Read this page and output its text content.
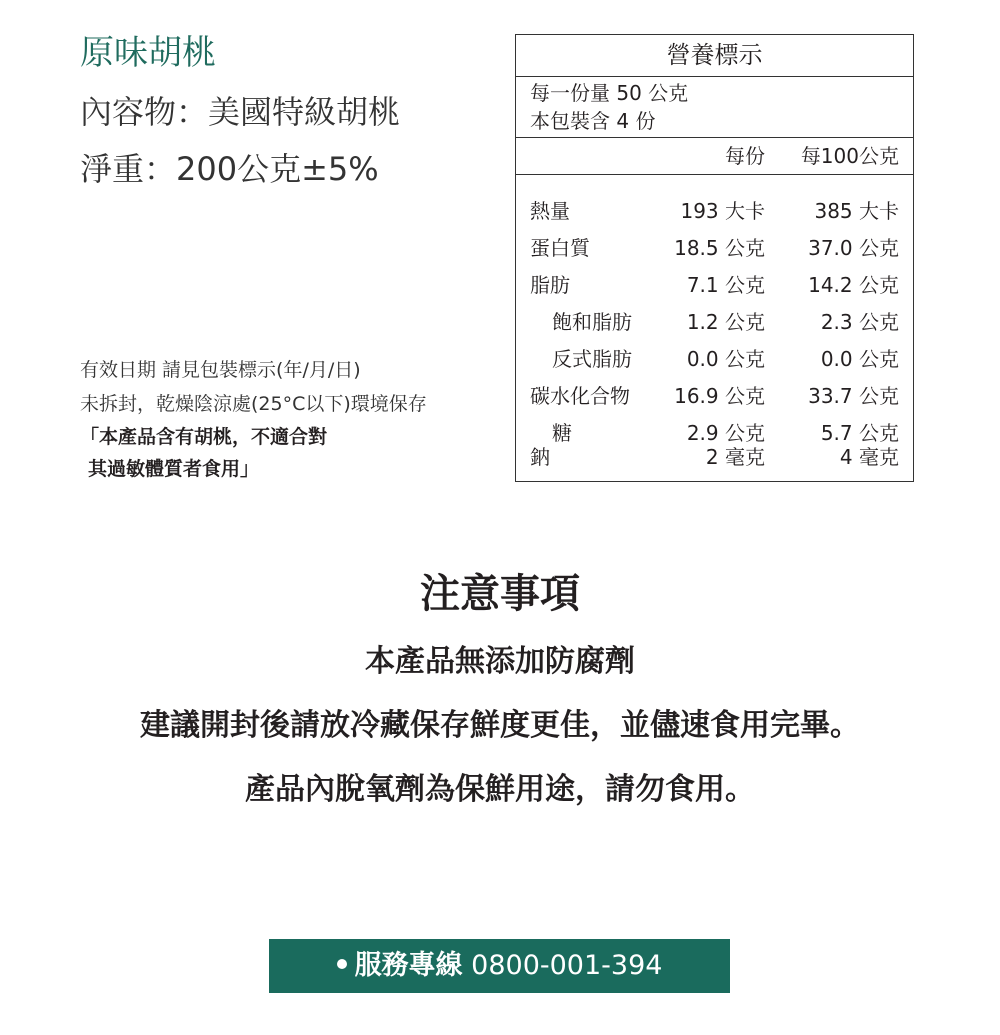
原味胡桃
內容物：美國特級胡桃
淨重：200公克±5%
有效日期 請見包裝標示(年/月/日)
未拆封，乾燥陰涼處(25°C以下)環境保存
「本產品含有胡桃，不適合對
其過敏體質者食用」
營養標示
每一份量 50 公克
本包裝含 4 份
每份 每100公克
熱量	193 大卡 385 大卡
蛋白質	18.5 公克 37.0 公克
脂肪	7.1 公克 14.2 公克
飽和脂肪	1.2 公克	2.3 公克
反式脂肪	0.0 公克	0.0 公克
碳水化合物 16.9 公克 33.7 公克
糖	2.9 公克	5.7 公克
鈉	2 毫克	4 毫克
注意事項
本產品無添加防腐劑
建議開封後請放冷藏保存鮮度更佳，並儘速食用完畢。
產品內脫氧劑為保鮮用途，請勿食用。
服務專線 0800-001-394
